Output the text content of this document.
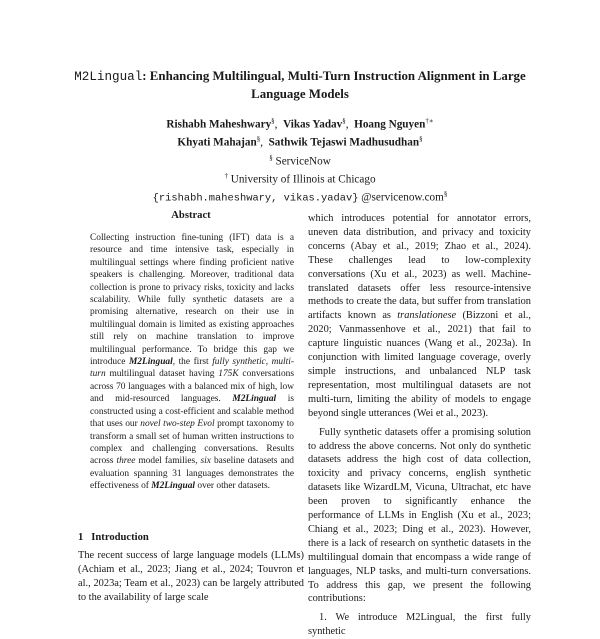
M2Lingual: Enhancing Multilingual, Multi-Turn Instruction Alignment in Large Language Models
Rishabh Maheshwary§,  Vikas Yadav§,  Hoang Nguyen†∗
Khyati Mahajan§,  Sathwik Tejaswi Madhusudhan§
§ ServiceNow
† University of Illinois at Chicago
{rishabh.maheshwary, vikas.yadav} @servicenow.com§
Abstract
Collecting instruction fine-tuning (IFT) data is a resource and time intensive task, especially in multilingual settings where finding proficient native speakers is challenging. Moreover, traditional data collection is prone to privacy risks, toxicity and lacks scalability. While fully synthetic datasets are a promising alternative, research on their use in multilingual domain is limited as existing approaches still rely on machine translation to improve multilingual performance. To bridge this gap we introduce M2Lingual, the first fully synthetic, multi-turn multilingual dataset having 175K conversations across 70 languages with a balanced mix of high, low and mid-resourced languages. M2Lingual is constructed using a cost-efficient and scalable method that uses our novel two-step Evol prompt taxonomy to transform a small set of human written instructions to complex and challenging conversations. Results across three model families, six baseline datasets and evaluation spanning 31 languages demonstrates the effectiveness of M2Lingual over other datasets.
1 Introduction
The recent success of large language models (LLMs) (Achiam et al., 2023; Jiang et al., 2024; Touvron et al., 2023a; Team et al., 2023) can be largely attributed to the availability of large scale

which introduces potential for annotator errors, uneven data distribution, and privacy and toxicity concerns (Abay et al., 2019; Zhao et al., 2024). These challenges lead to low-complexity conversations (Xu et al., 2023) as well. Machine-translated datasets offer less resource-intensive methods to create the data, but suffer from translation artifacts known as translationese (Bizzoni et al., 2020; Vanmassenhove et al., 2021) that fail to capture linguistic nuances (Wang et al., 2023a). In conjunction with limited language coverage, overly simple instructions, and unbalanced NLP task representation, most multilingual datasets are not multi-turn, limiting the ability of models to engage beyond single utterances (Wei et al., 2023).

Fully synthetic datasets offer a promising solution to address the above concerns. Not only do synthetic datasets address the high cost of data collection, toxicity and privacy concerns, english synthetic datasets like WizardLM, Vicuna, Ultrachat, etc have been proven to significantly enhance the performance of LLMs in English (Xu et al., 2023; Chiang et al., 2023; Ding et al., 2023). However, there is a lack of research on synthetic datasets in the multilingual domain that encompass a wide range of languages, NLP tasks, and multi-turn conversations. To address this gap, we present the following contributions:

1. We introduce M2Lingual, the first fully synthetic
